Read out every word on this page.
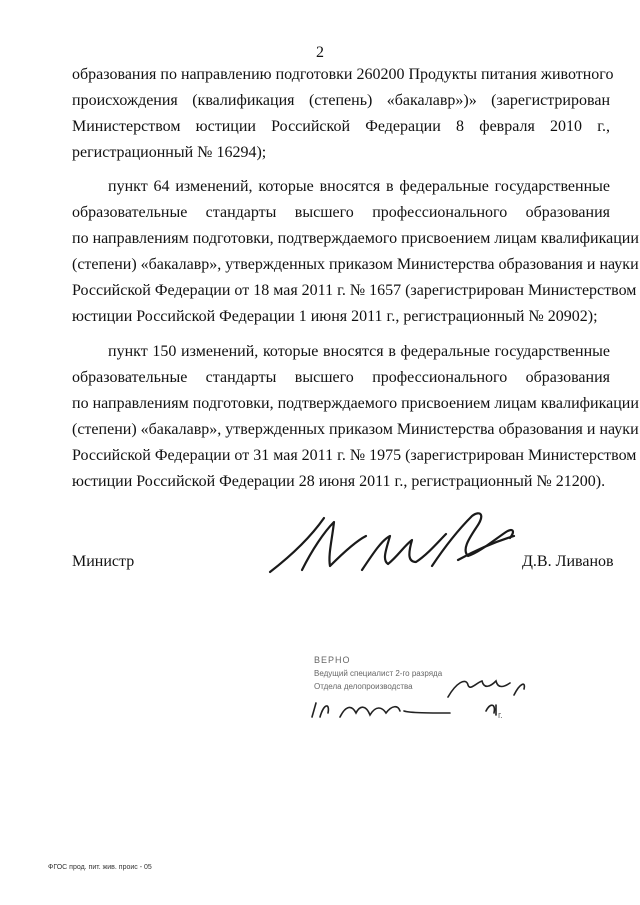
2
образования по направлению подготовки 260200 Продукты питания животного
происхождения (квалификация (степень) «бакалавр»)» (зарегистрирован
Министерством юстиции Российской Федерации 8 февраля 2010 г.,
регистрационный № 16294);
пункт 64 изменений, которые вносятся в федеральные государственные
образовательные стандарты высшего профессионального образования
по направлениям подготовки, подтверждаемого присвоением лицам квалификации
(степени) «бакалавр», утвержденных приказом Министерства образования и науки
Российской Федерации от 18 мая 2011 г. № 1657 (зарегистрирован Министерством
юстиции Российской Федерации 1 июня 2011 г., регистрационный № 20902);
пункт 150 изменений, которые вносятся в федеральные государственные
образовательные стандарты высшего профессионального образования
по направлениям подготовки, подтверждаемого присвоением лицам квалификации
(степени) «бакалавр», утвержденных приказом Министерства образования и науки
Российской Федерации от 31 мая 2011 г. № 1975 (зарегистрирован Министерством
юстиции Российской Федерации 28 июня 2011 г., регистрационный № 21200).
Министр	Д.В. Ливанов
ВЕРНО
Ведущий специалист 2-го разряда
Отдела делопроизводства
г.
ФГОС прод. пит. жив. проис - 05
